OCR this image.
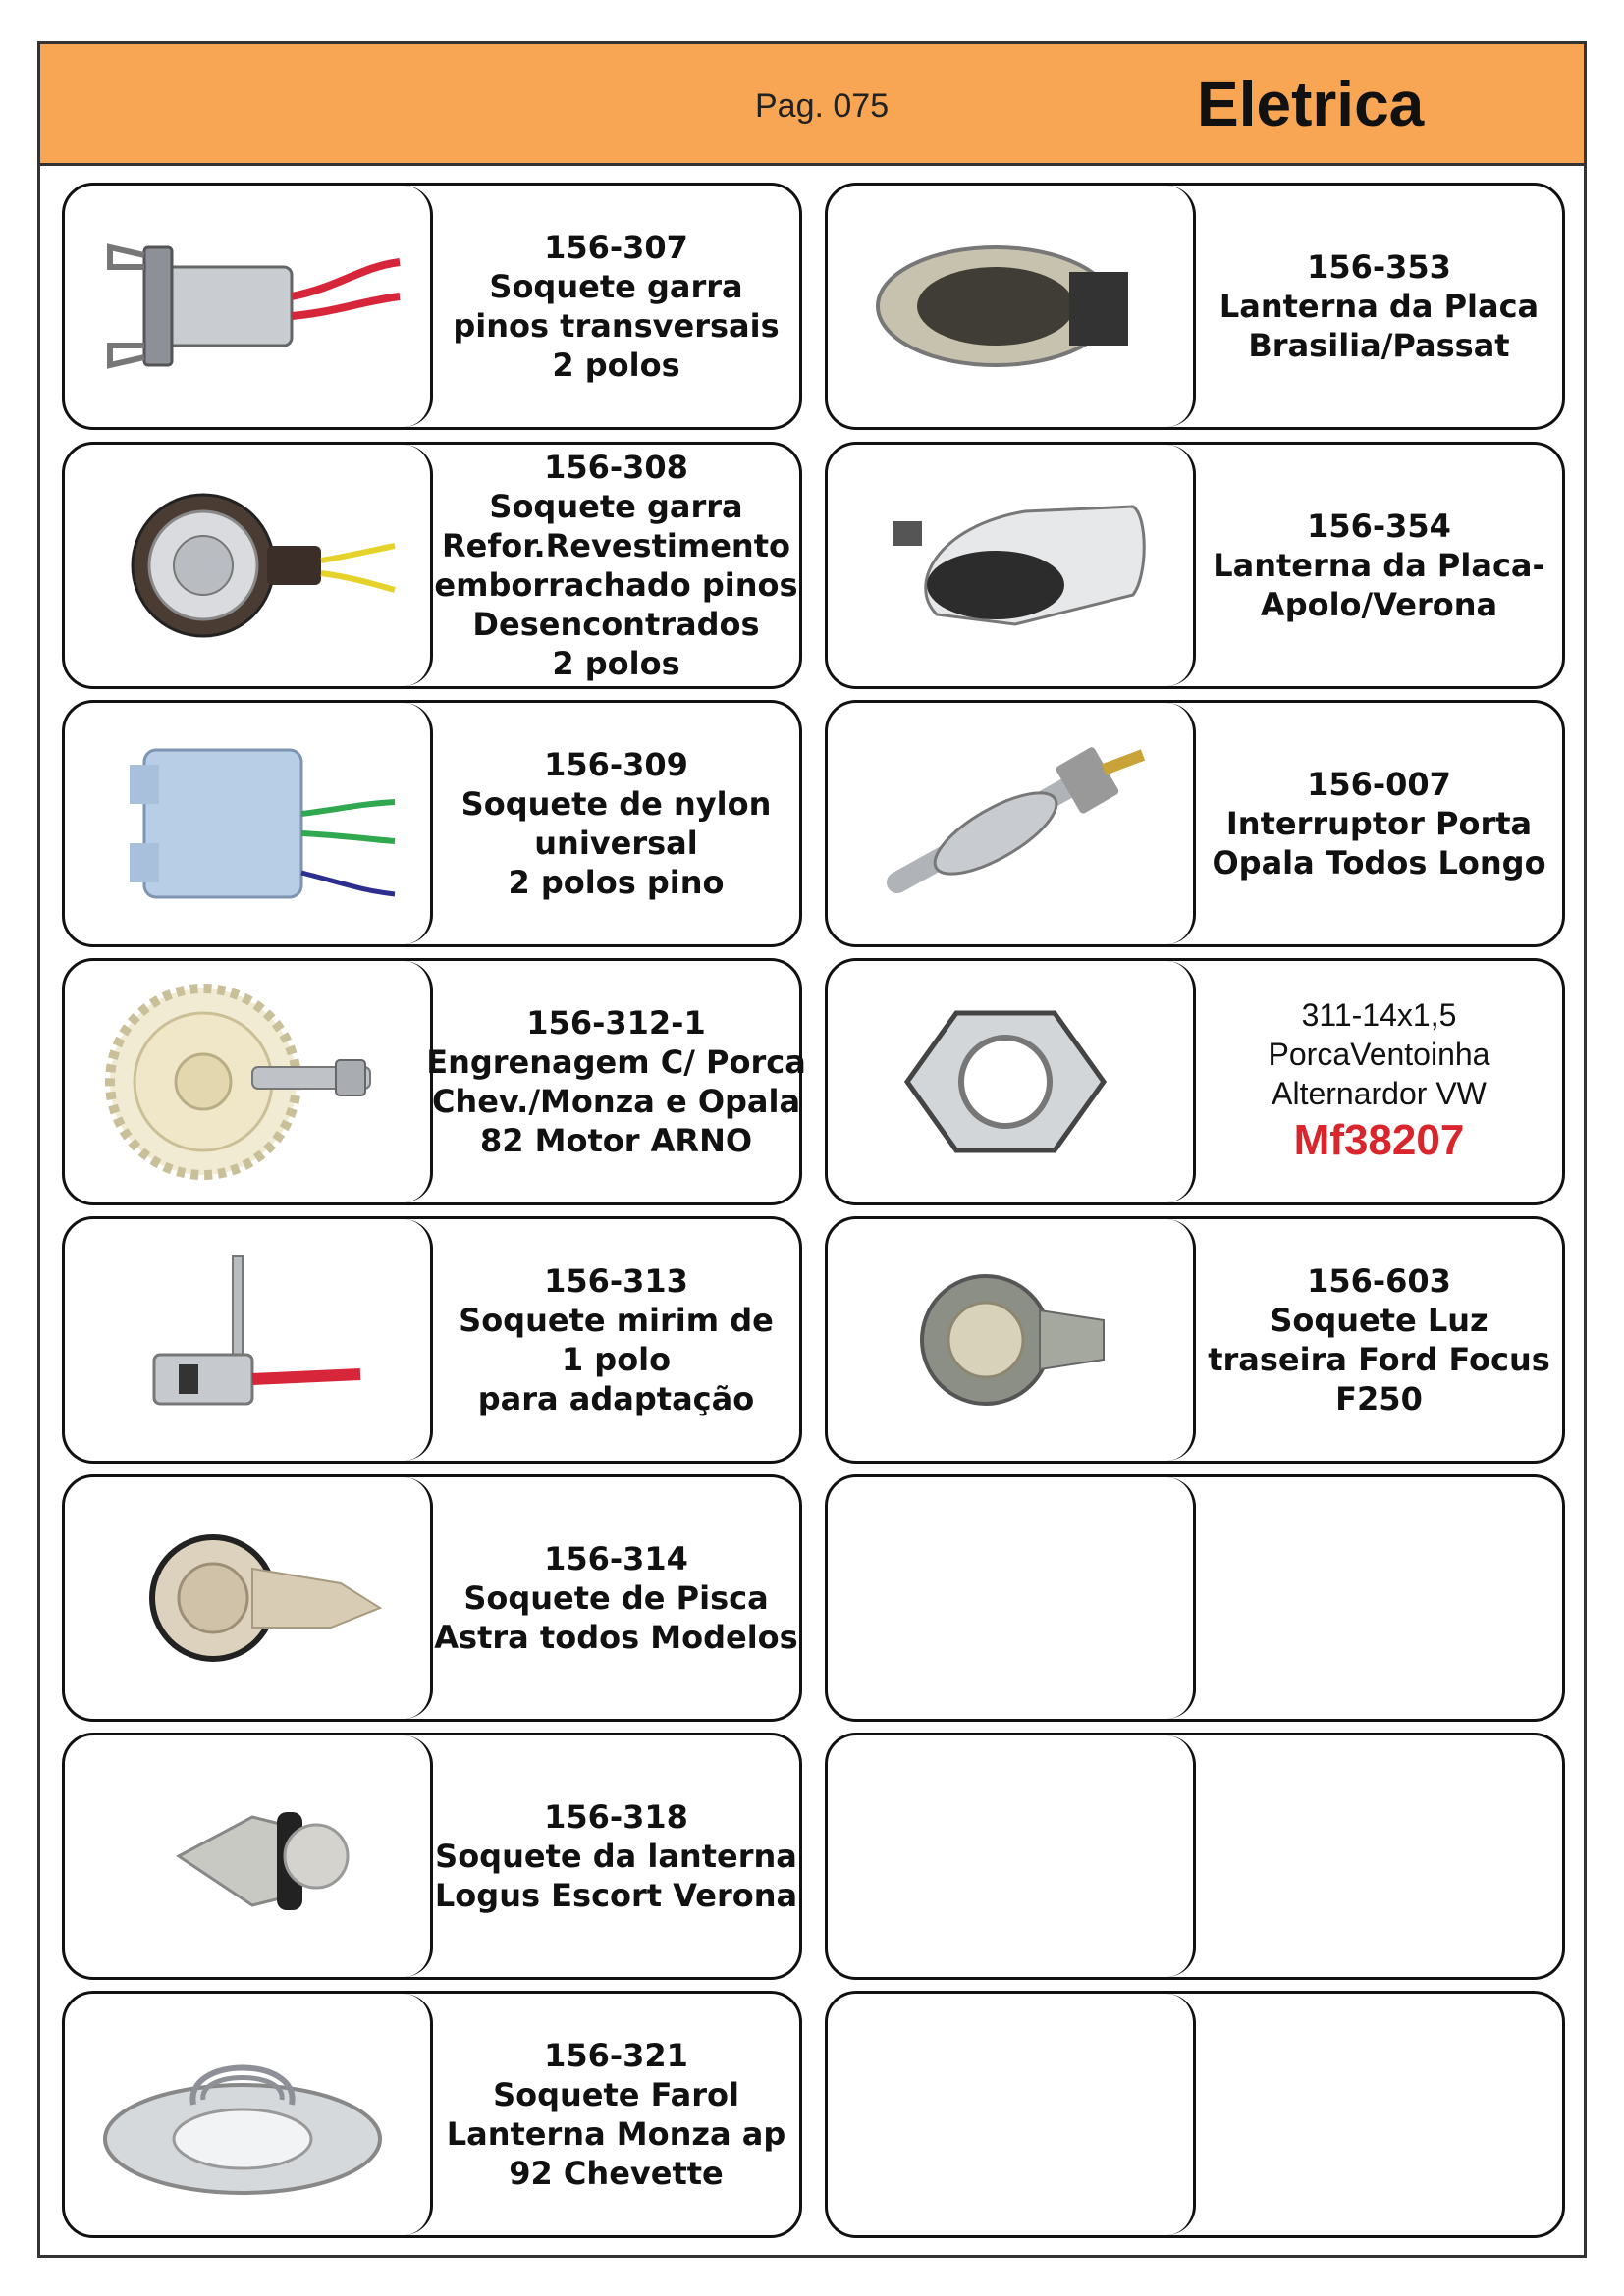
Pag. 075	Eletrica
156-307
Soquete garra
pinos transversais
2 polos
156-308
Soquete garra
Refor.Revestimento
emborrachado pinos
Desencontrados
2 polos
156-309
Soquete de nylon
universal
2 polos pino
156-312-1
Engrenagem C/ Porca
Chev./Monza e Opala
82 Motor ARNO
156-313
Soquete mirim de
1 polo
para adaptação
156-314
Soquete de Pisca
Astra todos Modelos
156-318
Soquete da lanterna
Logus Escort Verona
156-321
Soquete Farol
Lanterna Monza ap
92 Chevette
156-353
Lanterna da Placa
Brasilia/Passat
156-354
Lanterna da Placa-
Apolo/Verona
156-007
Interruptor Porta
Opala Todos Longo
311-14x1,5
PorcaVentoinha
Alternardor VW
Mf38207
156-603
Soquete Luz
traseira Ford Focus
F250
